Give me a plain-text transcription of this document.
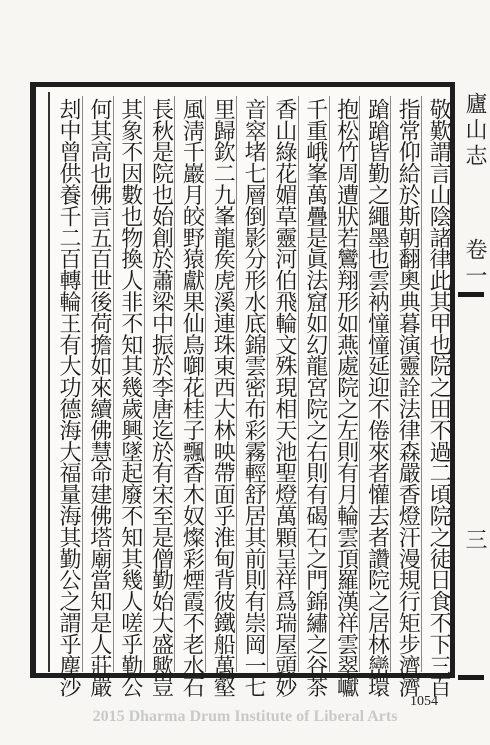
敬歎謂言山陰諸律此其甲也院之田不過二頃院之徒日食不下三百
指常仰給於斯朝翻奧典暮演靈詮法律森嚴香燈汗漫規行矩步濟濟
蹌蹌皆勤之繩墨也雲衲憧憧延迎不倦來者懽去者讚院之居林巒環
抱松竹周遭狀若鸞翔形如燕處院之左則有月輪雲頂羅漢祥雲翠巘
千重峨峯萬疊是眞法窟如幻龍宮院之右則有碣石之門錦繡之谷茶
香山綠花媚草靈河伯飛輪文殊現相天池聖燈萬顆呈祥爲瑞屋頭妙
音窣堵七層倒影分形水底錦雲密布彩霧輕舒居其前則有崇岡一七
里歸欽二九峯龍矦虎溪連珠東西大林映帶面乎淮甸背彼鐵船萬壑
風淸千巖月皎野猿獻果仙鳥啣花桂子飄香木奴燦彩煙霞不老水石
長秋是院也始創於蕭梁中振於李唐迄於有宋至是僧勤始大盛歟豈
其象不因數也物換人非不知其幾歲興墜起廢不知其幾人嗟乎勤公
何其高也佛言五百世後荷擔如來續佛慧命建佛塔廟當知是人莊嚴
刦中曾供養千二百轉輪王有大功德海大福量海其勤公之謂乎塵沙	廬山志
卷一
三
1054
2015 Dharma Drum Institute of Liberal Arts
